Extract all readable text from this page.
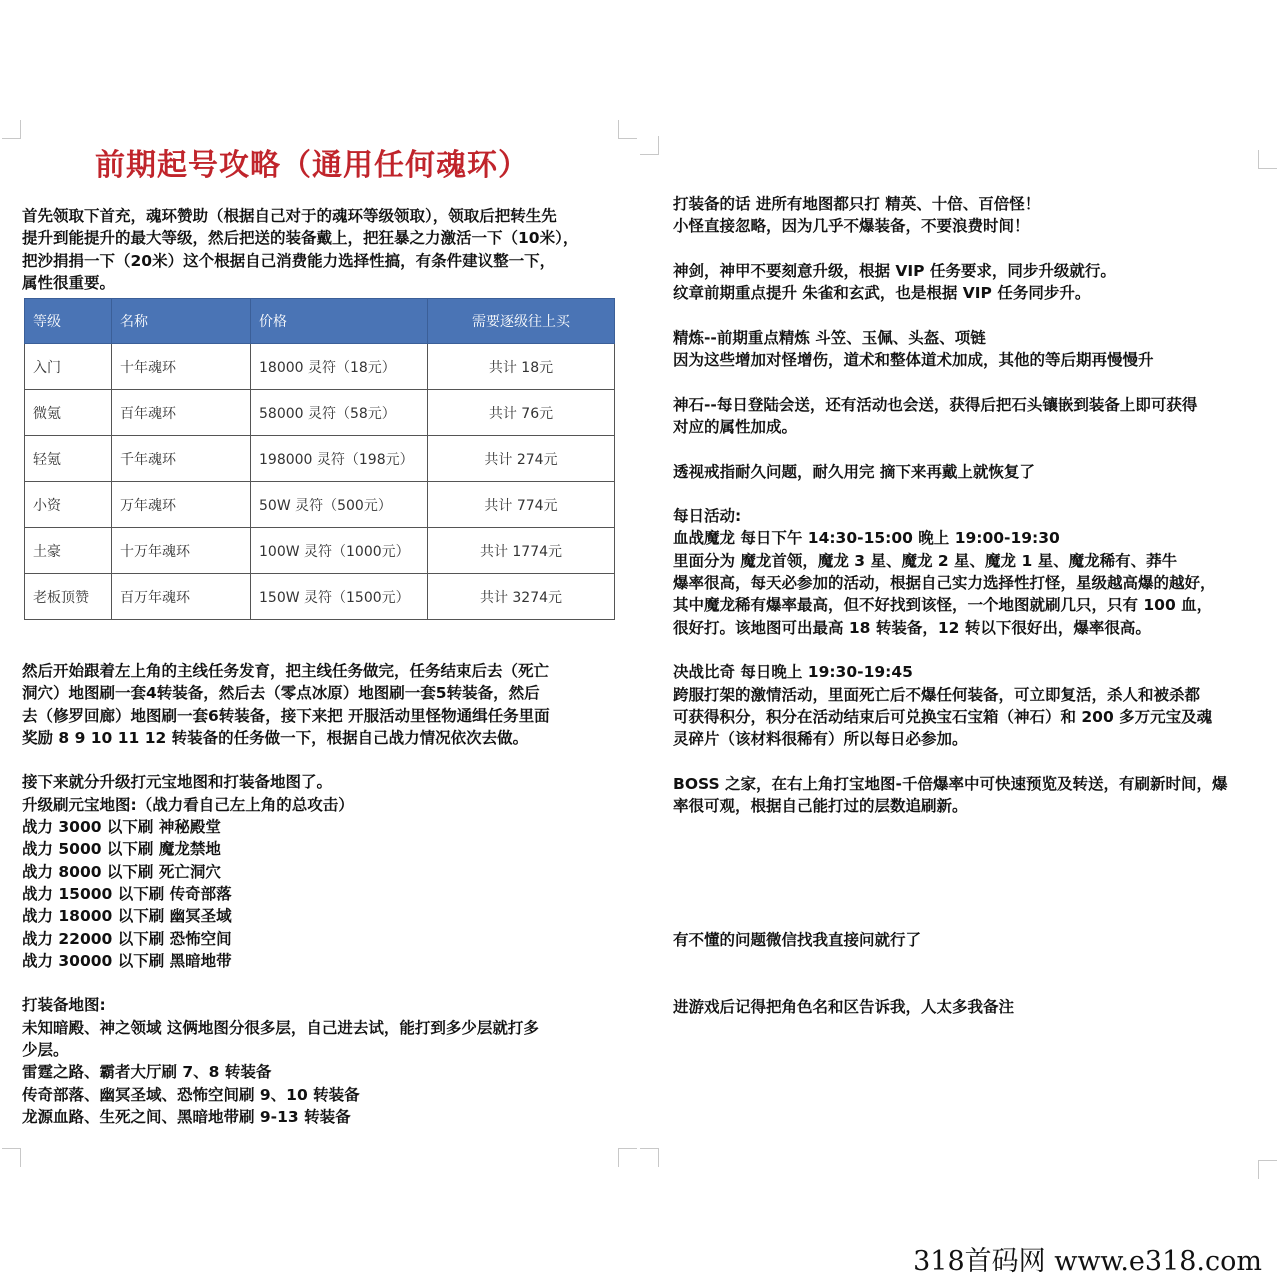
前期起号攻略（通用任何魂环）

首先领取下首充，魂环赞助（根据自己对于的魂环等级领取），领取后把转生先

提升到能提升的最大等级，然后把送的装备戴上，把狂暴之力激活一下（10米），

把沙捐捐一下（20米）这个根据自己消费能力选择性搞，有条件建议整一下，

属性很重要。

等级	名称	价格	需要逐级往上买
入门	十年魂环	18000 灵符（18元）	共计 18元
微氪	百年魂环	58000 灵符（58元）	共计 76元
轻氪	千年魂环	198000 灵符（198元）	共计 274元
小资	万年魂环	50W 灵符（500元）	共计 774元
土豪	十万年魂环	100W 灵符（1000元）	共计 1774元
老板顶赞	百万年魂环	150W 灵符（1500元）	共计 3274元

然后开始跟着左上角的主线任务发育，把主线任务做完，任务结束后去（死亡

洞穴）地图刷一套4转装备，然后去（零点冰原）地图刷一套5转装备，然后

去（修罗回廊）地图刷一套6转装备，接下来把 开服活动里怪物通缉任务里面

奖励 8 9 10 11 12 转装备的任务做一下，根据自己战力情况依次去做。

接下来就分升级打元宝地图和打装备地图了。

升级刷元宝地图:（战力看自己左上角的总攻击）

战力 3000 以下刷 神秘殿堂

战力 5000 以下刷 魔龙禁地

战力 8000 以下刷 死亡洞穴

战力 15000 以下刷 传奇部落

战力 18000 以下刷 幽冥圣域

战力 22000 以下刷 恐怖空间

战力 30000 以下刷 黑暗地带

打装备地图:

未知暗殿、神之领域 这俩地图分很多层，自己进去试，能打到多少层就打多

少层。

雷霆之路、霸者大厅刷 7、8 转装备

传奇部落、幽冥圣域、恐怖空间刷 9、10 转装备

龙源血路、生死之间、黑暗地带刷 9-13 转装备

打装备的话 进所有地图都只打 精英、十倍、百倍怪！

小怪直接忽略，因为几乎不爆装备，不要浪费时间！

神剑，神甲不要刻意升级，根据 VIP 任务要求，同步升级就行。

纹章前期重点提升 朱雀和玄武，也是根据 VIP 任务同步升。

精炼--前期重点精炼 斗笠、玉佩、头盔、项链

因为这些增加对怪增伤，道术和整体道术加成，其他的等后期再慢慢升

神石--每日登陆会送，还有活动也会送，获得后把石头镶嵌到装备上即可获得

对应的属性加成。

透视戒指耐久问题，耐久用完 摘下来再戴上就恢复了

每日活动:

血战魔龙 每日下午 14:30-15:00 晚上 19:00-19:30

里面分为 魔龙首领，魔龙 3 星、魔龙 2 星、魔龙 1 星、魔龙稀有、莽牛

爆率很高，每天必参加的活动，根据自己实力选择性打怪，星级越高爆的越好，

其中魔龙稀有爆率最高，但不好找到该怪，一个地图就刷几只，只有 100 血，

很好打。该地图可出最高 18 转装备，12 转以下很好出，爆率很高。

决战比奇 每日晚上 19:30-19:45

跨服打架的激情活动，里面死亡后不爆任何装备，可立即复活，杀人和被杀都

可获得积分，积分在活动结束后可兑换宝石宝箱（神石）和 200 多万元宝及魂

灵碎片（该材料很稀有）所以每日必参加。

BOSS 之家，在右上角打宝地图-千倍爆率中可快速预览及转送，有刷新时间，爆

率很可观，根据自己能打过的层数追刷新。

有不懂的问题微信找我直接问就行了

进游戏后记得把角色名和区告诉我，人太多我备注

318首码网 www.e318.com
